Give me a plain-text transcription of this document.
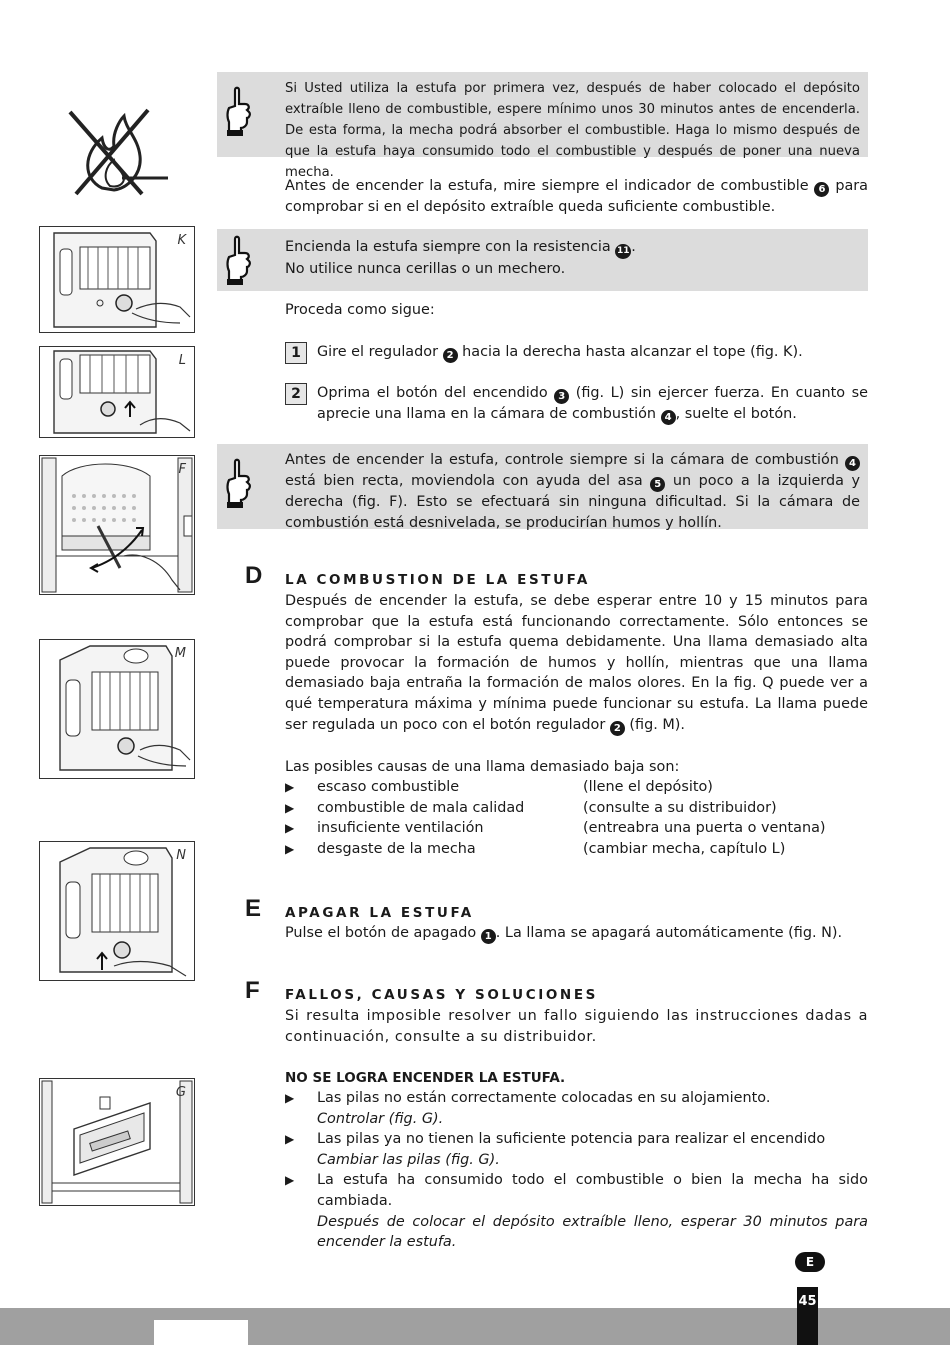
K
L
F
M
N
G
Si Usted utiliza la estufa por primera vez, después de haber colocado el depósito extraíble lleno de combustible, espere mínimo unos 30 minutos antes de encenderla. De esta forma, la mecha podrá absorber el combustible. Haga lo mismo después de que la estufa haya consumido todo el combustible y después de poner una nueva mecha.

Antes de encender la estufa, mire siempre el indicador de combustible 6 para comprobar si en el depósito extraíble queda suficiente combustible.

Encienda la estufa siempre con la resistencia 11 .
No utilice nunca cerillas o un mechero.
Proceda como sigue:
1	Gire el regulador 2 hacia la derecha hasta alcanzar el tope (fig. K).
2	Oprima el botón del encendido 3 (fig. L) sin ejercer fuerza. En cuanto se aprecie una llama en la cámara de combustión 4 , suelte el botón.
Antes de encender la estufa, controle siempre si la cámara de combustión 4 está bien recta, moviendola con ayuda del asa 5 un poco a la izquierda y derecha (fig. F). Esto se efectuará sin ninguna dificultad. Si la cámara de combustión está desnivelada, se producirían humos y hollín.
D LA COMBUSTION DE LA ESTUFA

Después de encender la estufa, se debe esperar entre 10 y 15 minutos para comprobar que la estufa está funcionando correctamente. Sólo entonces se podrá comprobar si la estufa quema debidamente. Una llama demasiado alta puede provocar la formación de humos y hollín, mientras que una llama demasiado baja entraña la formación de malos olores. En la fig. Q puede ver a qué temperatura máxima y mínima puede funcionar su estufa. La llama puede ser regulada un poco con el botón regulador 2 (fig. M).

Las posibles causas de una llama demasiado baja son:
▶	escaso combustible	(llene el depósito)
▶	combustible de mala calidad	(consulte a su distribuidor)
▶	insuficiente ventilación	(entreabra una puerta o ventana)
▶	desgaste de la mecha	(cambiar mecha, capítulo L)
E APAGAR LA ESTUFA

Pulse el botón de apagado 1 . La llama se apagará automáticamente (fig. N).

F FALLOS, CAUSAS Y SOLUCIONES
Si resulta imposible resolver un fallo siguiendo las instrucciones dadas a continuación, consulte a su distribuidor.
NO SE LOGRA ENCENDER LA ESTUFA.
▶	Las pilas no están correctamente colocadas en su alojamiento.
Controlar (fig. G).
▶	Las pilas ya no tienen la suficiente potencia para realizar el encendido
Cambiar las pilas (fig. G).
▶	La estufa ha consumido todo el combustible o bien la mecha ha sido cambiada.
Después de colocar el depósito extraíble lleno, esperar 30 minutos para encender la estufa.
E
45
